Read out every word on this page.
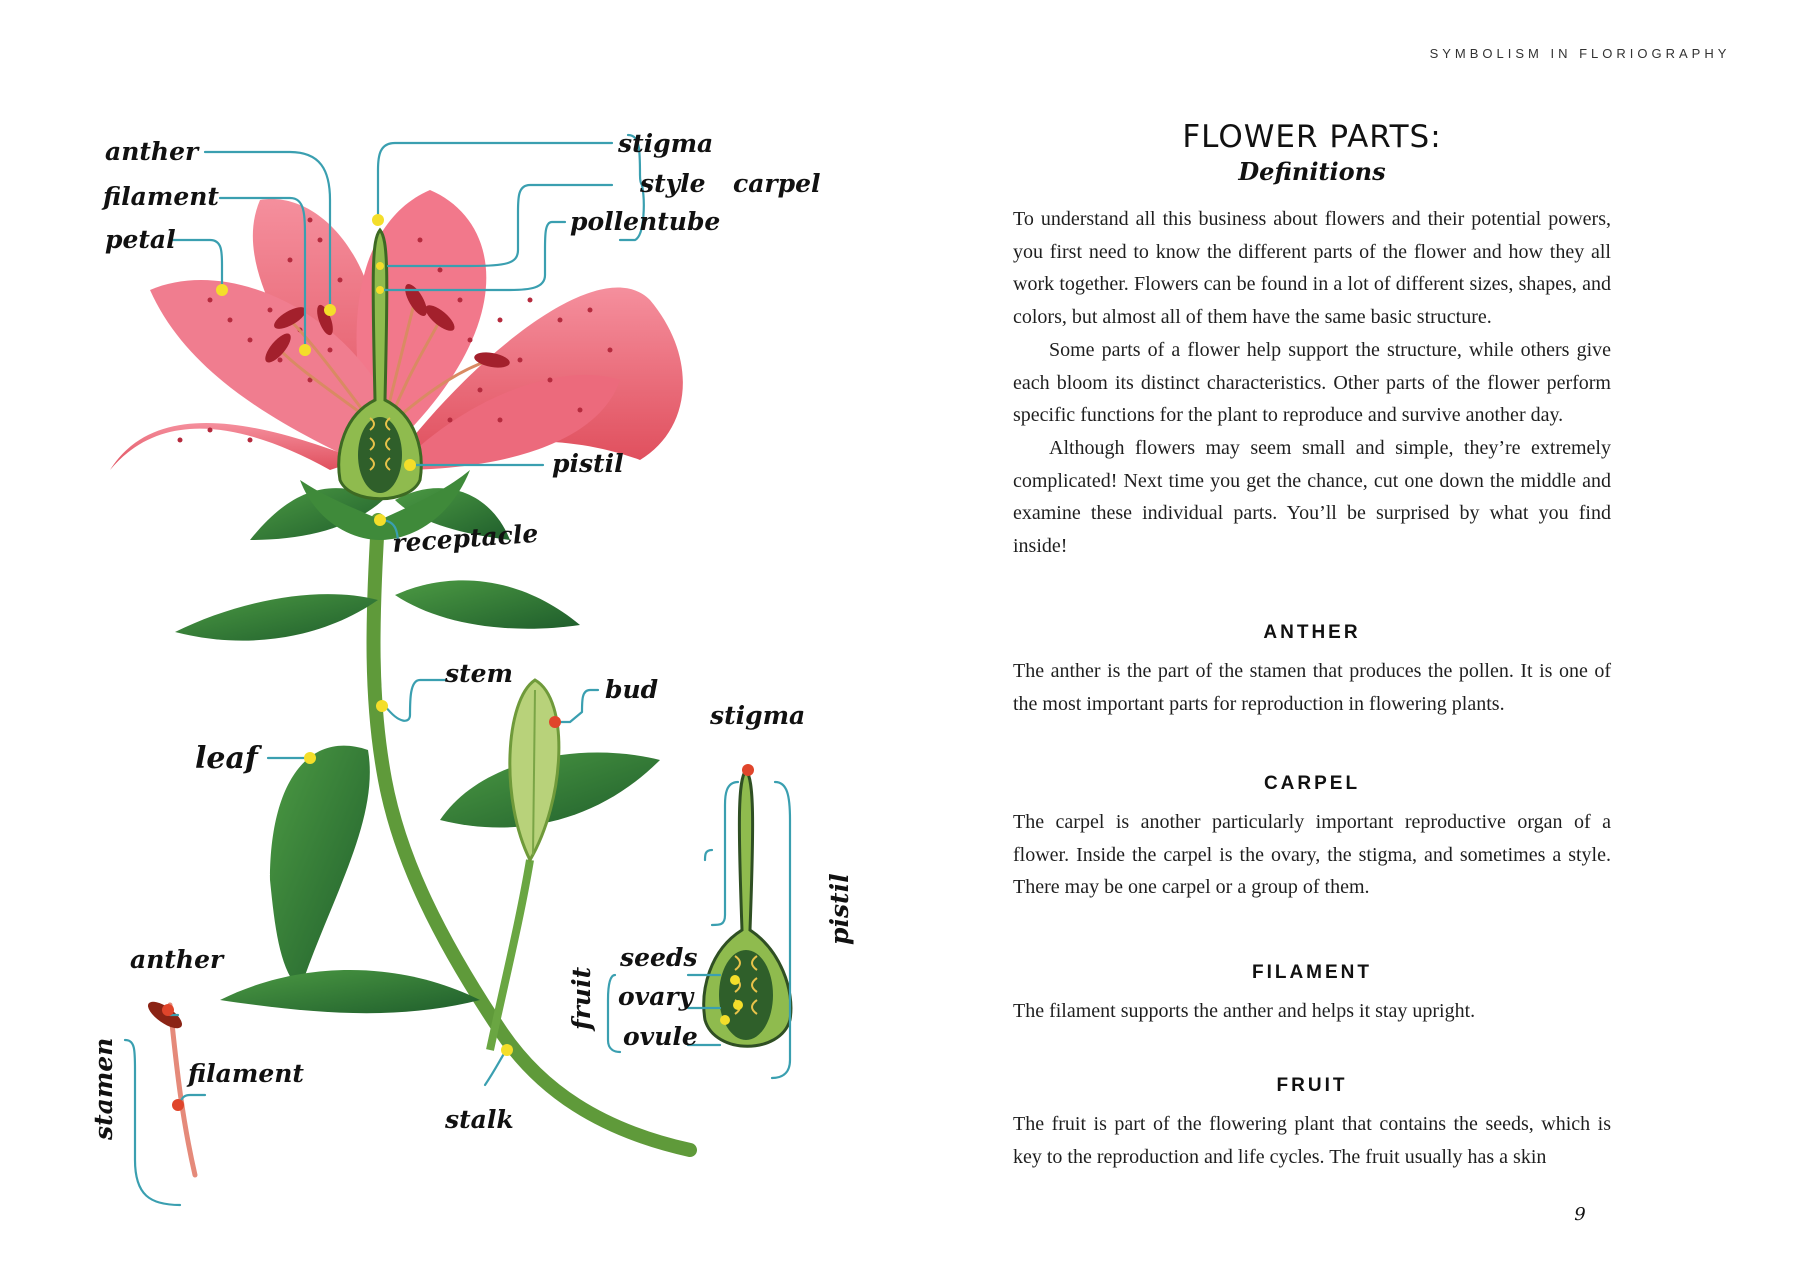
anther
filament
petal
stigma
style carpel
pollentube
pistil
receptacle
stem
bud
leaf
stalk
stamen
anther
filament
stigma
pistil
fruit
seeds
ovary
ovule
SYMBOLISM IN FLORIOGRAPHY
FLOWER PARTS:
Definitions

To understand all this business about flowers and their potential powers, you first need to know the different parts of the flower and how they all work together. Flowers can be found in a lot of different sizes, shapes, and colors, but almost all of them have the same basic structure.

Some parts of a flower help support the structure, while others give each bloom its distinct characteristics. Other parts of the flower perform specific functions for the plant to reproduce and survive another day.

Although flowers may seem small and simple, they’re extremely complicated! Next time you get the chance, cut one down the middle and examine these individual parts. You’ll be surprised by what you find inside!

ANTHER

The anther is the part of the stamen that produces the pollen. It is one of the most important parts for reproduction in flowering plants.

CARPEL

The carpel is another particularly important reproductive organ of a flower. Inside the carpel is the ovary, the stigma, and sometimes a style. There may be one carpel or a group of them.

FILAMENT

The filament supports the anther and helps it stay upright.

FRUIT

The fruit is part of the flowering plant that contains the seeds, which is key to the reproduction and life cycles. The fruit usually has a skin

9
